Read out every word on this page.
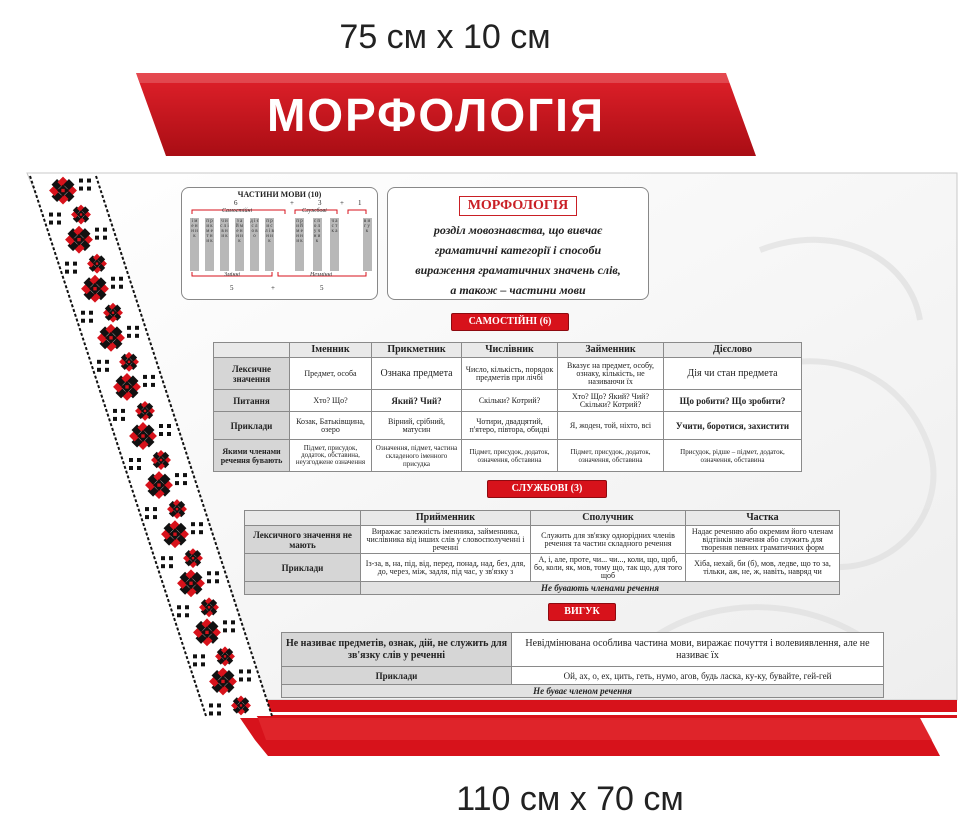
75 см х 10 см
МОРФОЛОГІЯ
ЧАСТИНИ МОВИ (10)
6	+	3	+ 1
Самостійні	Службові
і м е н н и к
п р и к м е т н и к
ч и с л і в н и к
з а й м е н н и к
д і є с л о в о
п р и с л і в н и к
п р и й м е н н и к
с п о л у ч н и к
ч а с т к а
в и г у к
Змінні	Незмінні
5	+	5
МОРФОЛОГІЯ
розділ мовознавства, що вивчає
граматичні категорії і способи
вираження граматичних значень слів,
а також – частини мови
САМОСТІЙНІ (6)
	Іменник	Прикметник	Числівник	Займенник	Дієслово
Лексичне значення	Предмет, особа	Ознака предмета	Число, кількість, порядок предметів при лічбі	Вказує на предмет, особу, ознаку, кількість, не називаючи їх	Дія чи стан предмета
Питання	Хто? Що?	Який? Чий?	Скільки? Котрий?	Хто? Що? Який? Чий? Скільки? Котрий?	Що робити? Що зробити?
Приклади	Козак, Батьківщина, озеро	Вірний, срібний, матусин	Чотири, двадцятий, п'ятеро, півтора, обидві	Я, жоден, той, ніхто, всі	Учити, боротися, захистити
Якими членами речення бувають	Підмет, присудок, додаток, обставина, неузгоджене означення	Означення, підмет, частина складеного іменного присудка	Підмет, присудок, додаток, означення, обставина	Підмет, присудок, додаток, означення, обставина	Присудок, рідше – підмет, додаток, означення, обставина
СЛУЖБОВІ (3)
	Прийменник	Сполучник	Частка
Лексичного значення не мають	Виражає залежність іменника, займенника, числівника від інших слів у словосполученні і реченні	Служить для зв'язку однорідних членів речення та частин складного речення	Надає реченню або окремим його членам відтінків значення або служить для творення певних граматичних форм
Приклади	Із-за, в, на, під, від, перед, понад, над, без, для, до, через, між, задля, під час, у зв'язку з	А, і, але, проте, чи... чи..., коли, що, щоб, бо, коли, як, мов, тому що, так що, для того щоб	Хіба, нехай, би (б), мов, ледве, що то за, тільки, аж, не, ж, навіть, навряд чи
	Не бувають членами речення		
ВИГУК
Не називає предметів, ознак, дій, не служить для зв'язку слів у реченні	Невідмінювана особлива частина мови, виражає почуття і волевиявлення, але не називає їх
Приклади	Ой, ах, о, ех, цить, геть, нумо, агов, будь ласка, ку-ку, бувайте, гей-гей
Не буває членом речення	
110 см х 70 см
